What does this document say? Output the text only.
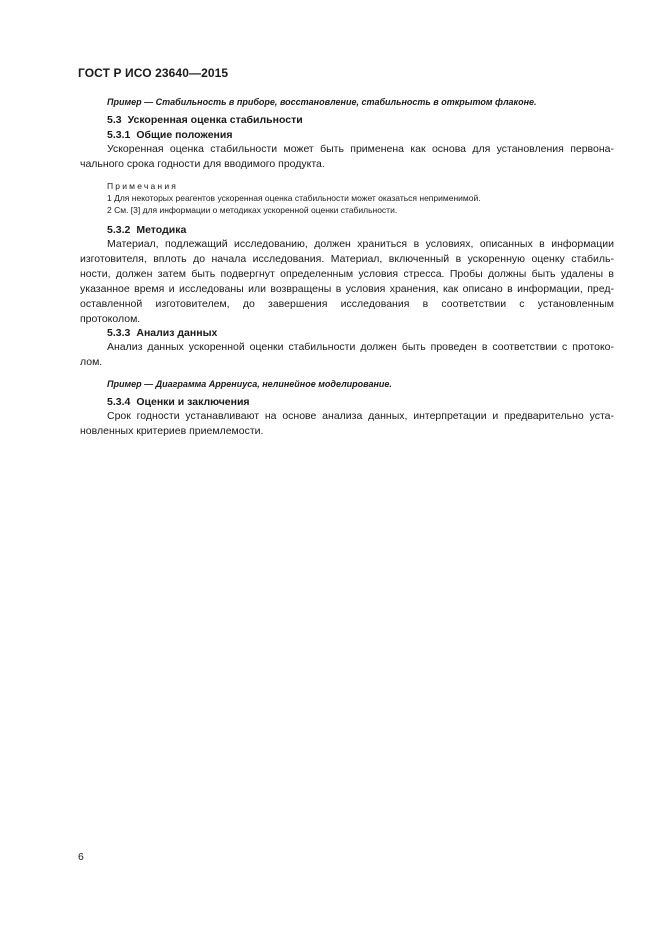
ГОСТ Р ИСО 23640—2015
Пример — Стабильность в приборе, восстановление, стабильность в открытом флаконе.
5.3 Ускоренная оценка стабильности
5.3.1 Общие положения
Ускоренная оценка стабильности может быть применена как основа для установления первона-
чального срока годности для вводимого продукта.
Примечания
1 Для некоторых реагентов ускоренная оценка стабильности может оказаться неприменимой.
2 См. [3] для информации о методиках ускоренной оценки стабильности.
5.3.2 Методика
Материал, подлежащий исследованию, должен храниться в условиях, описанных в информации
изготовителя, вплоть до начала исследования. Материал, включенный в ускоренную оценку стабиль-
ности, должен затем быть подвергнут определенным условия стресса. Пробы должны быть удалены в
указанное время и исследованы или возвращены в условия хранения, как описано в информации, пред-
оставленной изготовителем, до завершения исследования в соответствии с установленным
протоколом.
5.3.3 Анализ данных
Анализ данных ускоренной оценки стабильности должен быть проведен в соответствии с протоко-
лом.
Пример — Диаграмма Аррениуса, нелинейное моделирование.
5.3.4 Оценки и заключения
Срок годности устанавливают на основе анализа данных, интерпретации и предварительно уста-
новленных критериев приемлемости.
6
